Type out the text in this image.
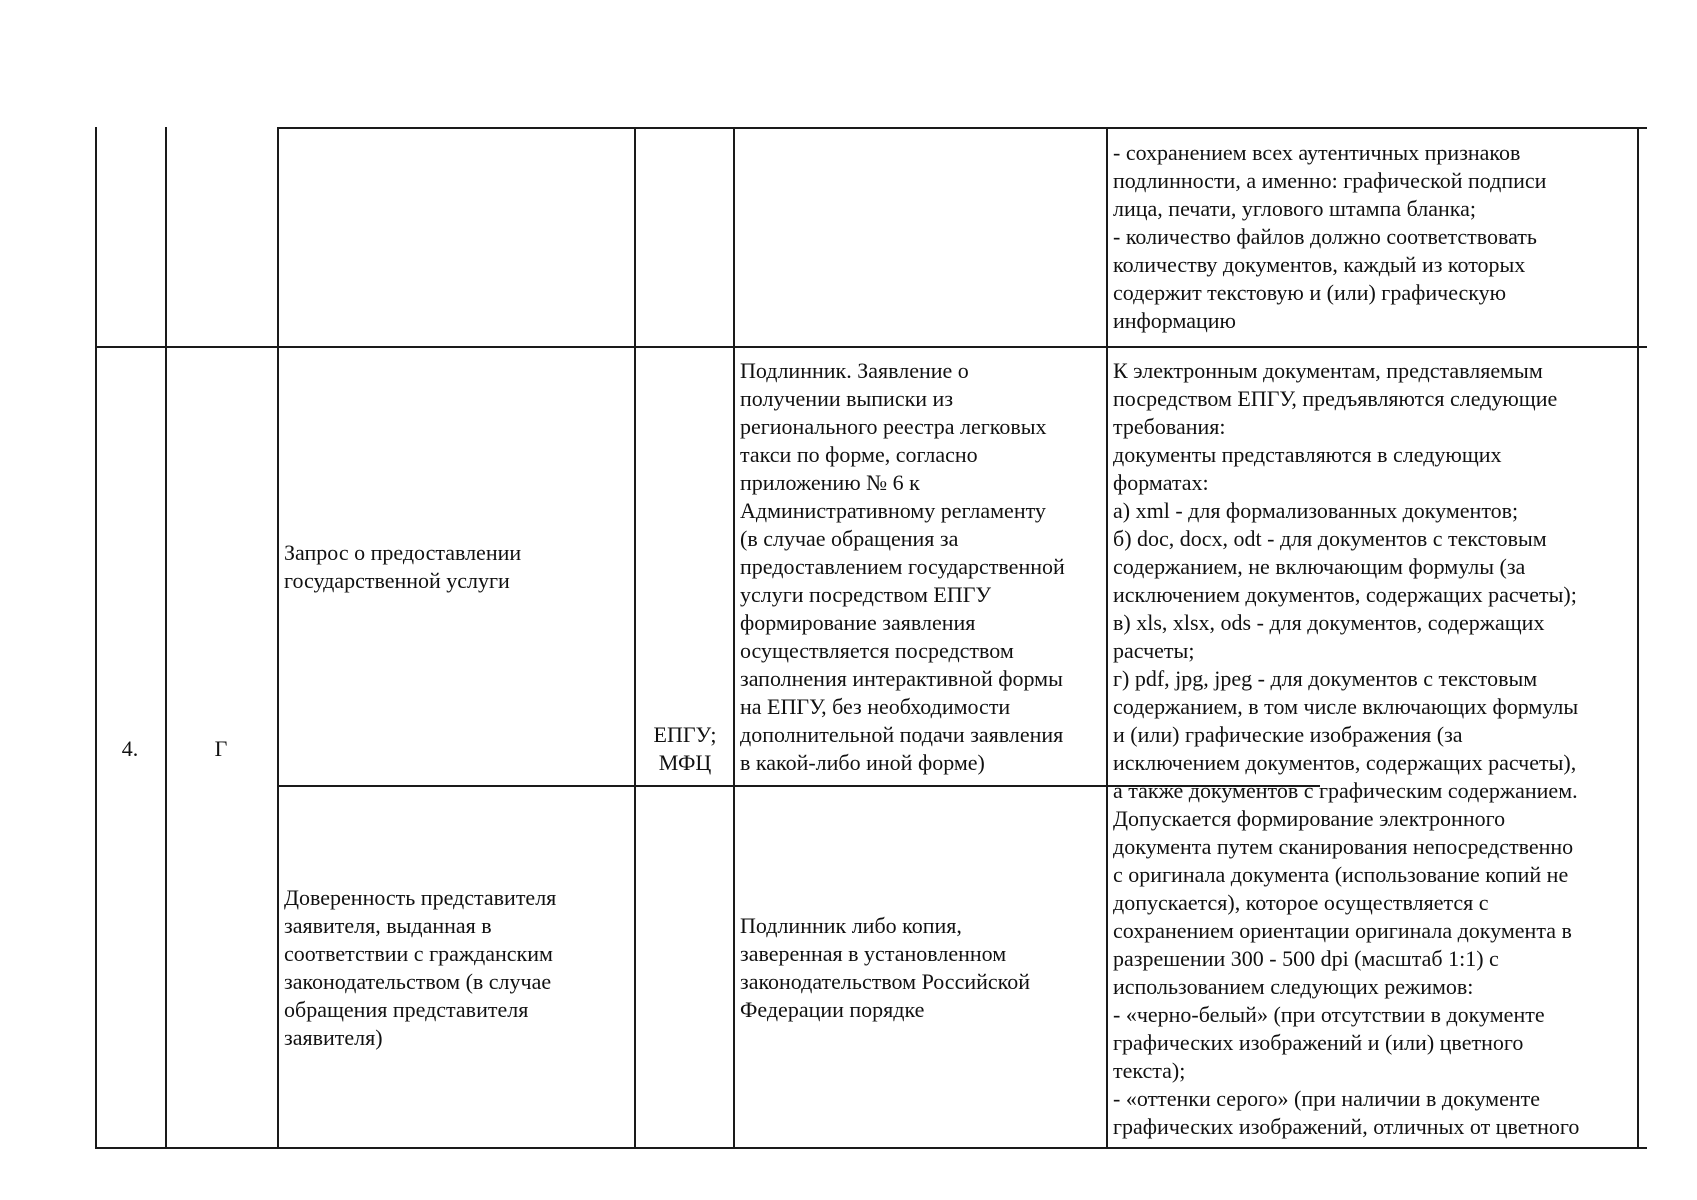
- сохранением всех аутентичных признаков
подлинности, а именно: графической подписи
лица, печати, углового штампа бланка;
- количество файлов должно соответствовать
количеству документов, каждый из которых
содержит текстовую и (или) графическую
информацию
4.	Г
Запрос о предоставлении
государственной услуги
Доверенность представителя
заявителя, выданная в
соответствии с гражданским
законодательством (в случае
обращения представителя
заявителя)
ЕПГУ;
МФЦ
Подлинник. Заявление о
получении выписки из
регионального реестра легковых
такси по форме, согласно
приложению № 6 к
Административному регламенту
(в случае обращения за
предоставлением государственной
услуги посредством ЕПГУ
формирование заявления
осуществляется посредством
заполнения интерактивной формы
на ЕПГУ, без необходимости
дополнительной подачи заявления
в какой-либо иной форме)
Подлинник либо копия,
заверенная в установленном
законодательством Российской
Федерации порядке
К электронным документам, представляемым
посредством ЕПГУ, предъявляются следующие
требования:
документы представляются в следующих
форматах:
а) xml - для формализованных документов;
б) doc, docx, odt - для документов с текстовым
содержанием, не включающим формулы (за
исключением документов, содержащих расчеты);
в) xls, xlsx, ods - для документов, содержащих
расчеты;
г) pdf, jpg, jpeg - для документов с текстовым
содержанием, в том числе включающих формулы
и (или) графические изображения (за
исключением документов, содержащих расчеты),
а также документов с графическим содержанием.
Допускается формирование электронного
документа путем сканирования непосредственно
с оригинала документа (использование копий не
допускается), которое осуществляется с
сохранением ориентации оригинала документа в
разрешении 300 - 500 dpi (масштаб 1:1) с
использованием следующих режимов:
- «черно-белый» (при отсутствии в документе
графических изображений и (или) цветного
текста);
- «оттенки серого» (при наличии в документе
графических изображений, отличных от цветного
